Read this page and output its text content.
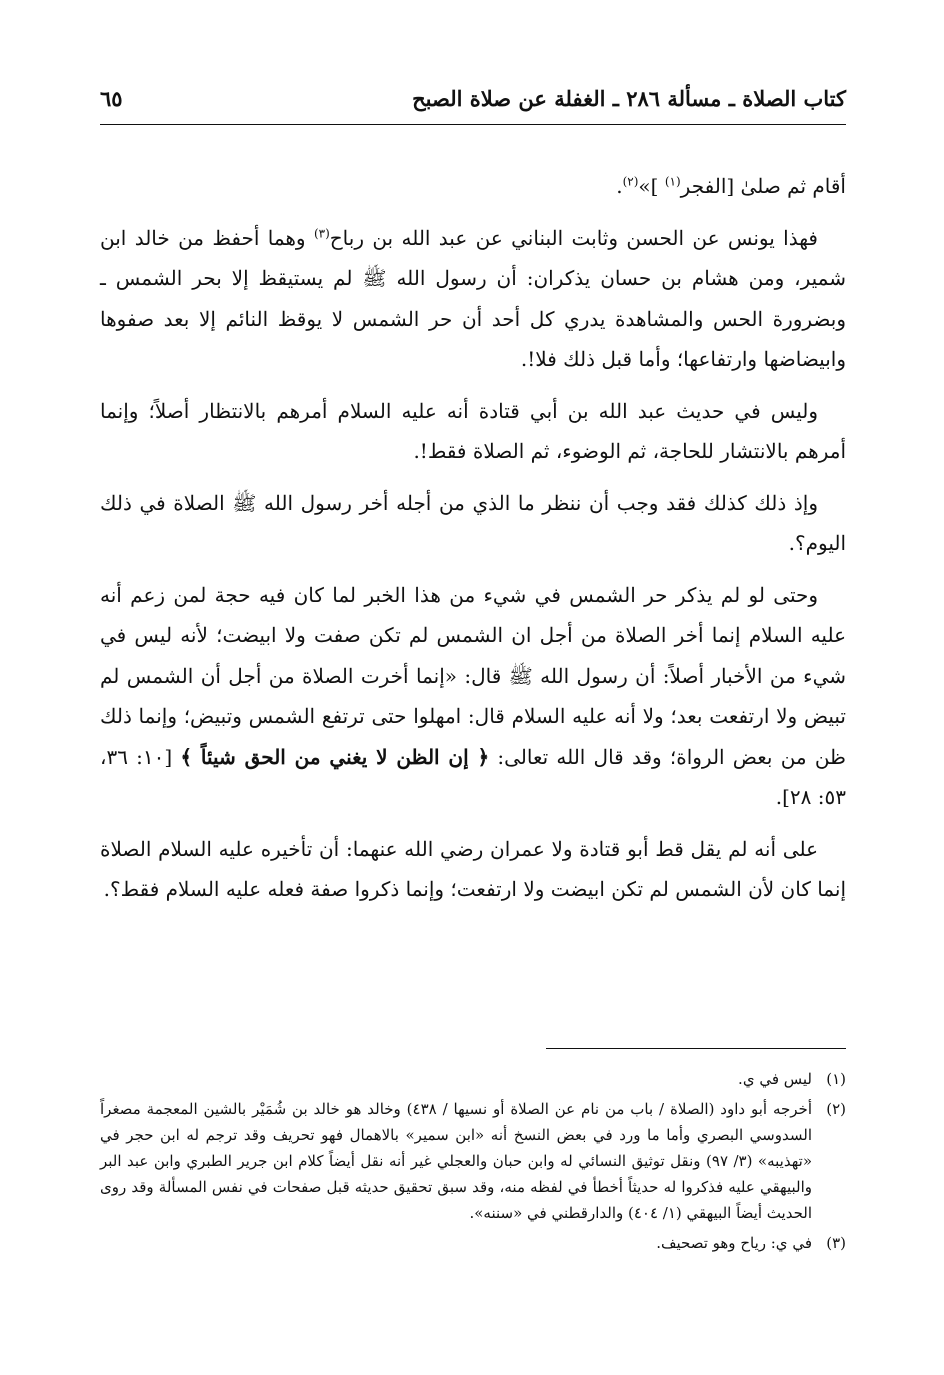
كتاب الصلاة ـ مسألة ٢٨٦ ـ الغفلة عن صلاة الصبح
٦٥

أقام ثم صلىٰ [الفجر$^{(١)}$ ]»$^{(٢)}$.

فهذا يونس عن الحسن وثابت البناني عن عبد الله بن رباح$^{(٣)}$ وهما أحفظ من خالد ابن شمير، ومن هشام بن حسان يذكران: أن رسول الله ﷺ لم يستيقظ إلا بحر الشمس ـ وبضرورة الحس والمشاهدة يدري كل أحد أن حر الشمس لا يوقظ النائم إلا بعد صفوها وابيضاضها وارتفاعها؛ وأما قبل ذلك فلا!.

وليس في حديث عبد الله بن أبي قتادة أنه عليه السلام أمرهم بالانتظار أصلاً؛ وإنما أمرهم بالانتشار للحاجة، ثم الوضوء، ثم الصلاة فقط!.

وإذ ذلك كذلك فقد وجب أن ننظر ما الذي من أجله أخر رسول الله ﷺ الصلاة في ذلك اليوم؟.

وحتى لو لم يذكر حر الشمس في شيء من هذا الخبر لما كان فيه حجة لمن زعم أنه عليه السلام إنما أخر الصلاة من أجل ان الشمس لم تكن صفت ولا ابيضت؛ لأنه ليس في شيء من الأخبار أصلاً: أن رسول الله ﷺ قال: «إنما أخرت الصلاة من أجل أن الشمس لم تبيض ولا ارتفعت بعد؛ ولا أنه عليه السلام قال: امهلوا حتى ترتفع الشمس وتبيض؛ وإنما ذلك ظن من بعض الرواة؛ وقد قال الله تعالى: ﴿ إن الظن لا يغني من الحق شيئاً ﴾ [١٠: ٣٦، ٥٣: ٢٨].

على أنه لم يقل قط أبو قتادة ولا عمران رضي الله عنهما: أن تأخيره عليه السلام الصلاة إنما كان لأن الشمس لم تكن ابيضت ولا ارتفعت؛ وإنما ذكروا صفة فعله عليه السلام فقط؟.

(١)ليس في ي.

(٢)أخرجه أبو داود (الصلاة / باب من نام عن الصلاة أو نسيها / ٤٣٨) وخالد هو خالد بن شُمَيْر بالشين المعجمة مصغراً السدوسي البصري وأما ما ورد في بعض النسخ أنه «ابن سمير» بالاهمال فهو تحريف وقد ترجم له ابن حجر في «تهذيبه» (٣/ ٩٧) ونقل توثيق النسائي له وابن حبان والعجلي غير أنه نقل أيضاً كلام ابن جرير الطبري وابن عبد البر والبيهقي عليه فذكروا له حديثاً أخطأ في لفظه منه، وقد سبق تحقيق حديثه قبل صفحات في نفس المسألة وقد روى الحديث أيضاً البيهقي (١/ ٤٠٤) والدارقطني في «سننه».

(٣)في ي: رياح وهو تصحيف.
